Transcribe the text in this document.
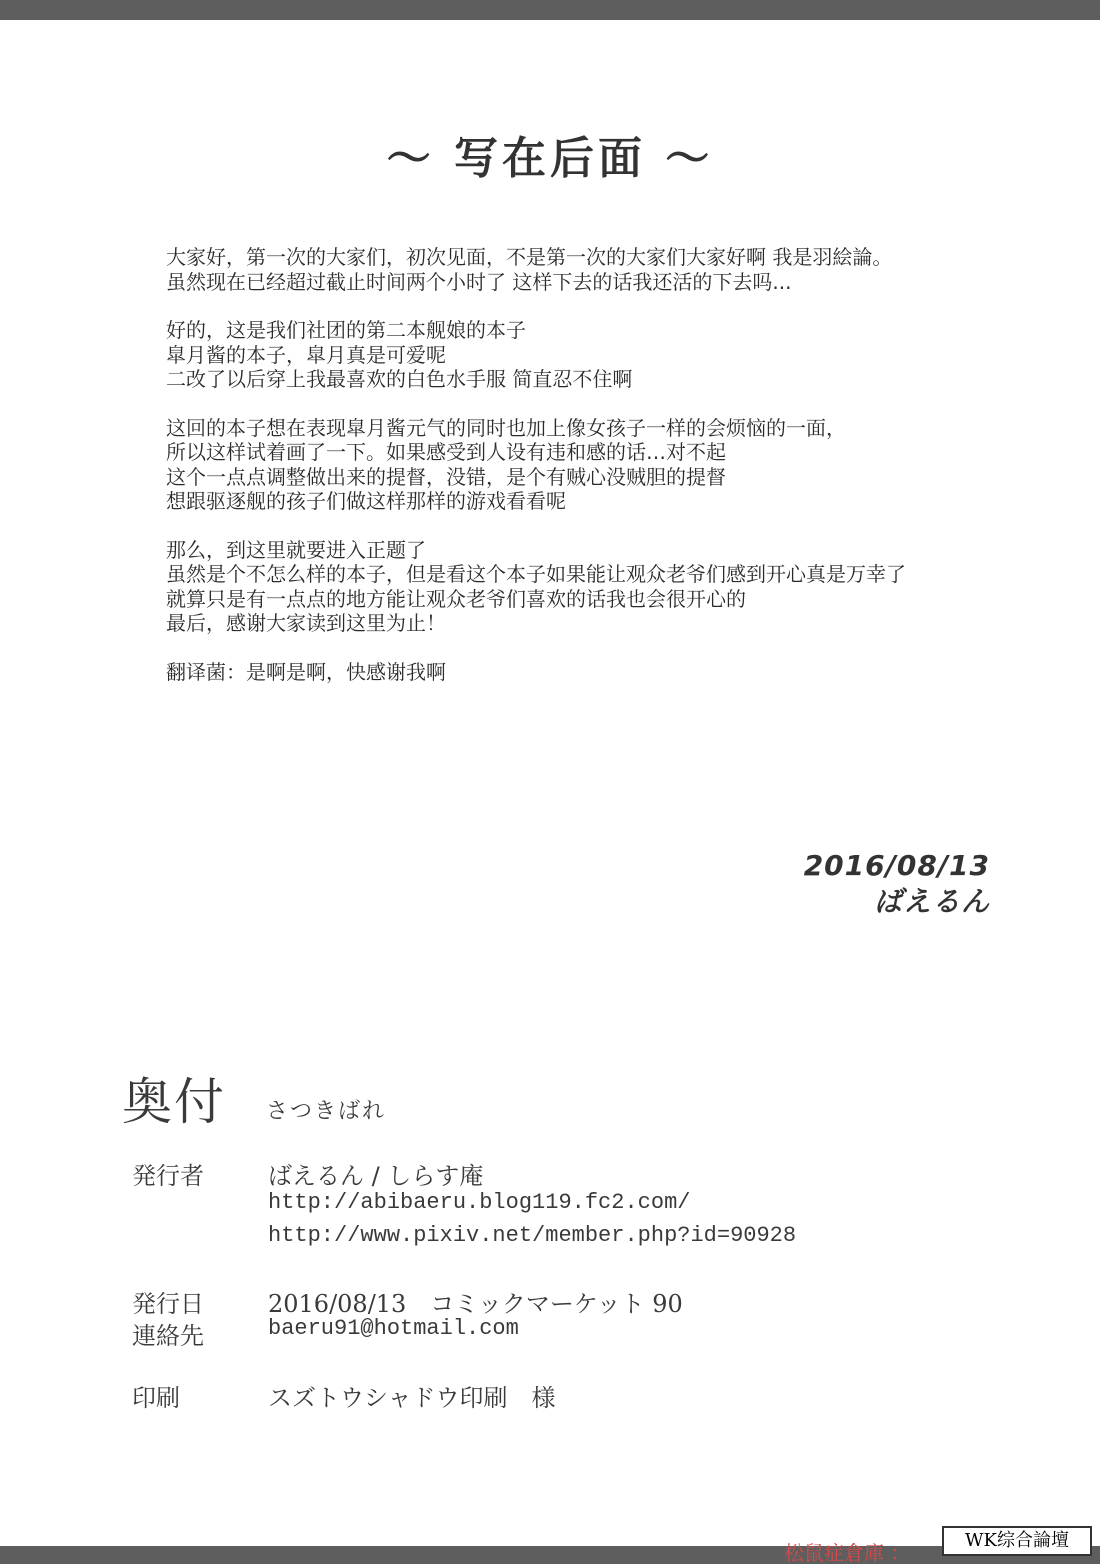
～ 写在后面 ～
大家好，第一次的大家们，初次见面，不是第一次的大家们大家好啊 我是羽絵論。
虽然现在已经超过截止时间两个小时了 这样下去的话我还活的下去吗...
好的，这是我们社团的第二本舰娘的本子
皐月酱的本子，皐月真是可爱呢
二改了以后穿上我最喜欢的白色水手服 简直忍不住啊
这回的本子想在表现皐月酱元气的同时也加上像女孩子一样的会烦恼的一面，
所以这样试着画了一下。如果感受到人设有违和感的话…对不起
这个一点点调整做出来的提督，没错，是个有贼心没贼胆的提督
想跟驱逐舰的孩子们做这样那样的游戏看看呢
那么，到这里就要进入正题了
虽然是个不怎么样的本子，但是看这个本子如果能让观众老爷们感到开心真是万幸了
就算只是有一点点的地方能让观众老爷们喜欢的话我也会很开心的
最后，感谢大家读到这里为止！
翻译菌：是啊是啊，快感谢我啊
2016/08/13
ばえるん
奥付 さつきばれ
発行者	ばえるん / しらす庵
http://abibaeru.blog119.fc2.com/
http://www.pixiv.net/member.php?id=90928
発行日	2016/08/13　コミックマーケット 90
連絡先	baeru91@hotmail.com
印刷	スズトウシャドウ印刷　様
松鼠症倉庫 ：
WK综合論壇
